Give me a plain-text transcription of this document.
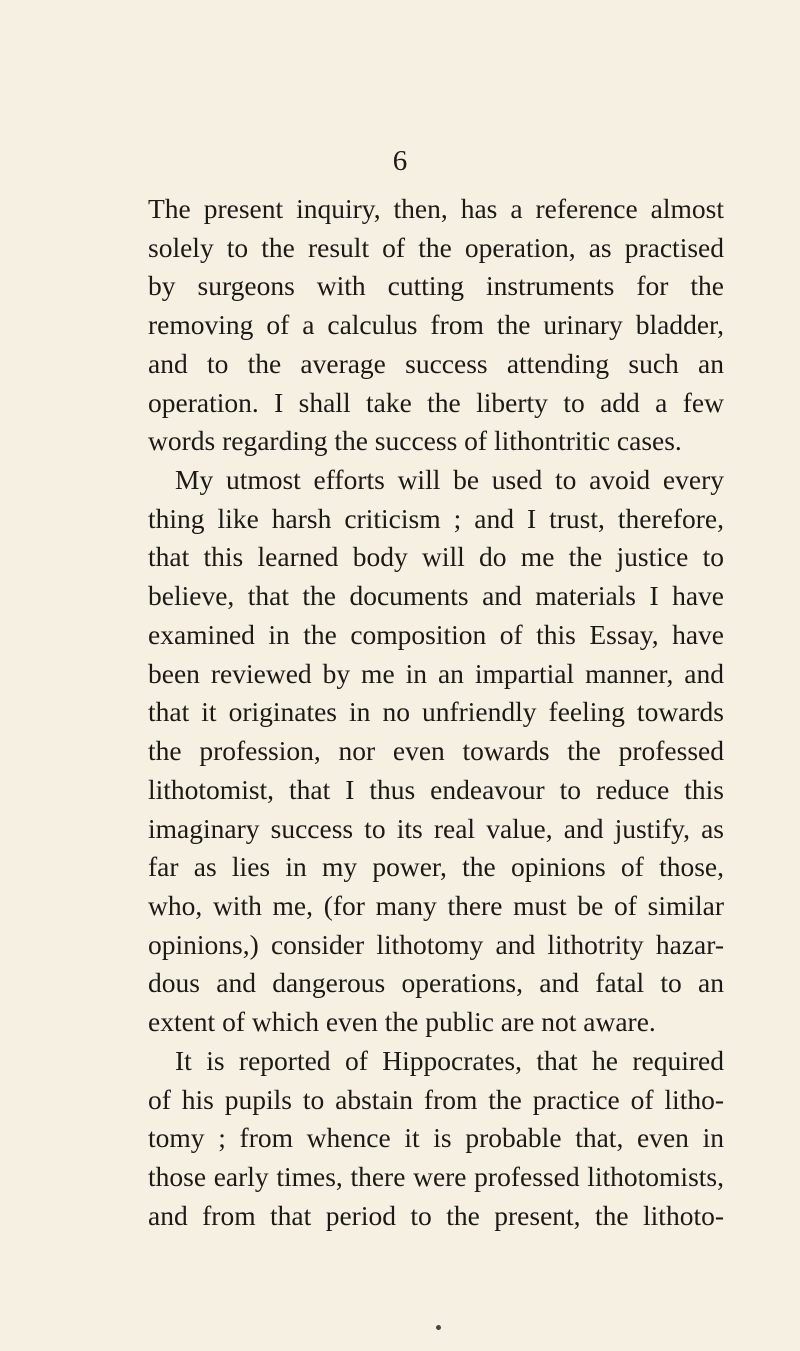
6
The present inquiry, then, has a reference almost
solely to the result of the operation, as practised
by surgeons with cutting instruments for the
removing of a calculus from the urinary bladder,
and to the average success attending such an
operation. I shall take the liberty to add a few
words regarding the success of lithontritic cases.
My utmost efforts will be used to avoid every
thing like harsh criticism ; and I trust, therefore,
that this learned body will do me the justice to
believe, that the documents and materials I have
examined in the composition of this Essay, have
been reviewed by me in an impartial manner, and
that it originates in no unfriendly feeling towards
the profession, nor even towards the professed
lithotomist, that I thus endeavour to reduce this
imaginary success to its real value, and justify, as
far as lies in my power, the opinions of those,
who, with me, (for many there must be of similar
opinions,) consider lithotomy and lithotrity hazar-
dous and dangerous operations, and fatal to an
extent of which even the public are not aware.
It is reported of Hippocrates, that he required
of his pupils to abstain from the practice of litho-
tomy ; from whence it is probable that, even in
those early times, there were professed lithotomists,
and from that period to the present, the lithoto-
